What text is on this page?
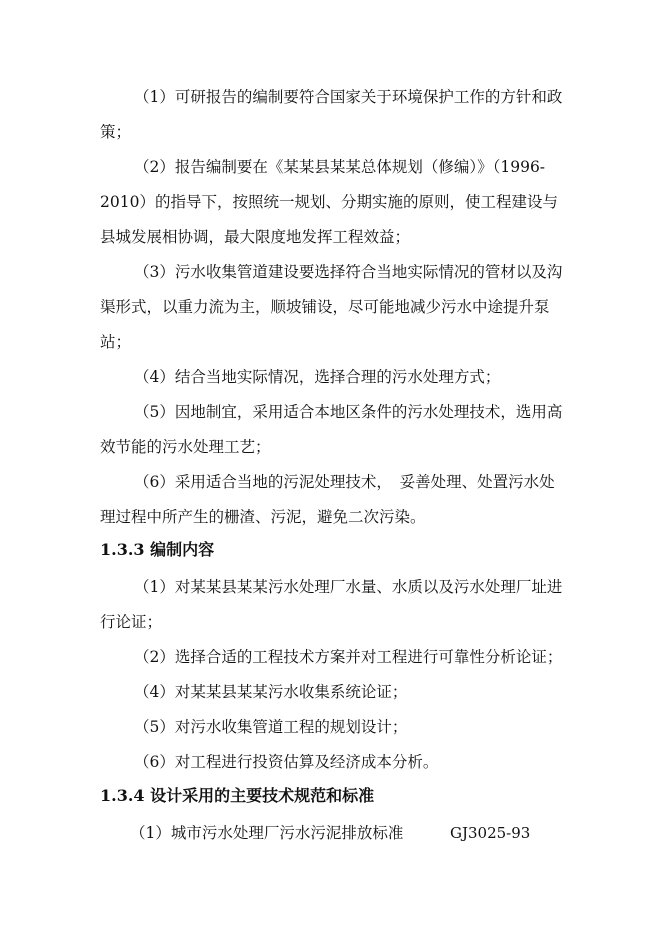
（1）可研报告的编制要符合国家关于环境保护工作的方针和政
策；
（2）报告编制要在《某某县某某总体规划（修编）》（1996-
2010）的指导下，按照统一规划、分期实施的原则，使工程建设与
县城发展相协调，最大限度地发挥工程效益；
（3）污水收集管道建设要选择符合当地实际情况的管材以及沟
渠形式，以重力流为主，顺坡铺设，尽可能地减少污水中途提升泵
站；
（4）结合当地实际情况，选择合理的污水处理方式；
（5）因地制宜，采用适合本地区条件的污水处理技术，选用高
效节能的污水处理工艺；
（6）采用适合当地的污泥处理技术，　妥善处理、处置污水处
理过程中所产生的栅渣、污泥，避免二次污染。
1.3.3 编制内容
（1）对某某县某某污水处理厂水量、水质以及污水处理厂址进
行论证；
（2）选择合适的工程技术方案并对工程进行可靠性分析论证；
（4）对某某县某某污水收集系统论证；
（5）对污水收集管道工程的规划设计；
（6）对工程进行投资估算及经济成本分析。
1.3.4 设计采用的主要技术规范和标准
（1）城市污水处理厂污水污泥排放标准	GJ3025-93
